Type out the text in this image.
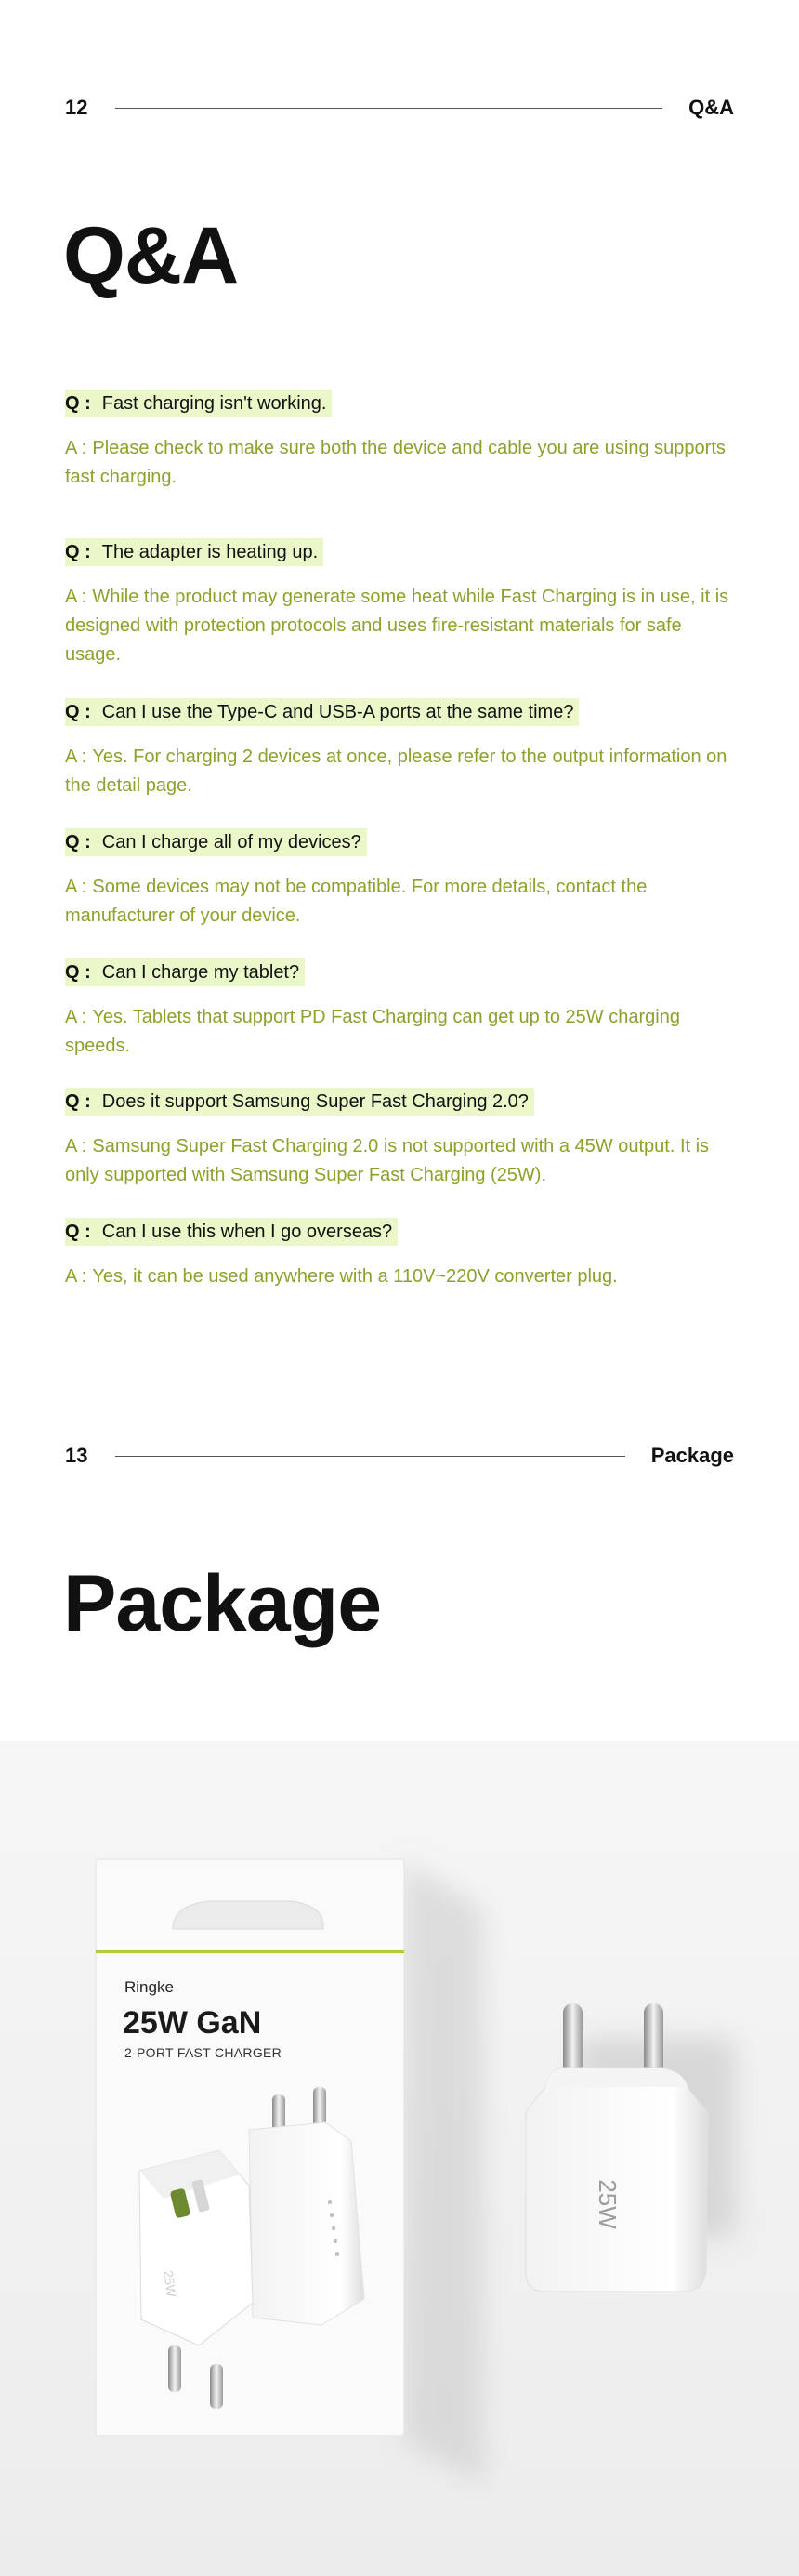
12	Q&A
Q&A
Q : Fast charging isn't working.
A : Please check to make sure both the device and cable you are using supports fast charging.
Q : The adapter is heating up.
A : While the product may generate some heat while Fast Charging is in use, it is designed with protection protocols and uses fire-resistant materials for safe usage.
Q : Can I use the Type-C and USB-A ports at the same time?
A : Yes. For charging 2 devices at once, please refer to the output information on the detail page.
Q : Can I charge all of my devices?
A : Some devices may not be compatible. For more details, contact the manufacturer of your device.
Q : Can I charge my tablet?
A : Yes. Tablets that support PD Fast Charging can get up to 25W charging speeds.
Q : Does it support Samsung Super Fast Charging 2.0?
A : Samsung Super Fast Charging 2.0 is not supported with a 45W output. It is only supported with Samsung Super Fast Charging (25W).
Q : Can I use this when I go overseas?
A : Yes, it can be used anywhere with a 110V~220V converter plug.
13	Package
Package
Ringke
25W GaN
2-PORT FAST CHARGER
25W
25W
